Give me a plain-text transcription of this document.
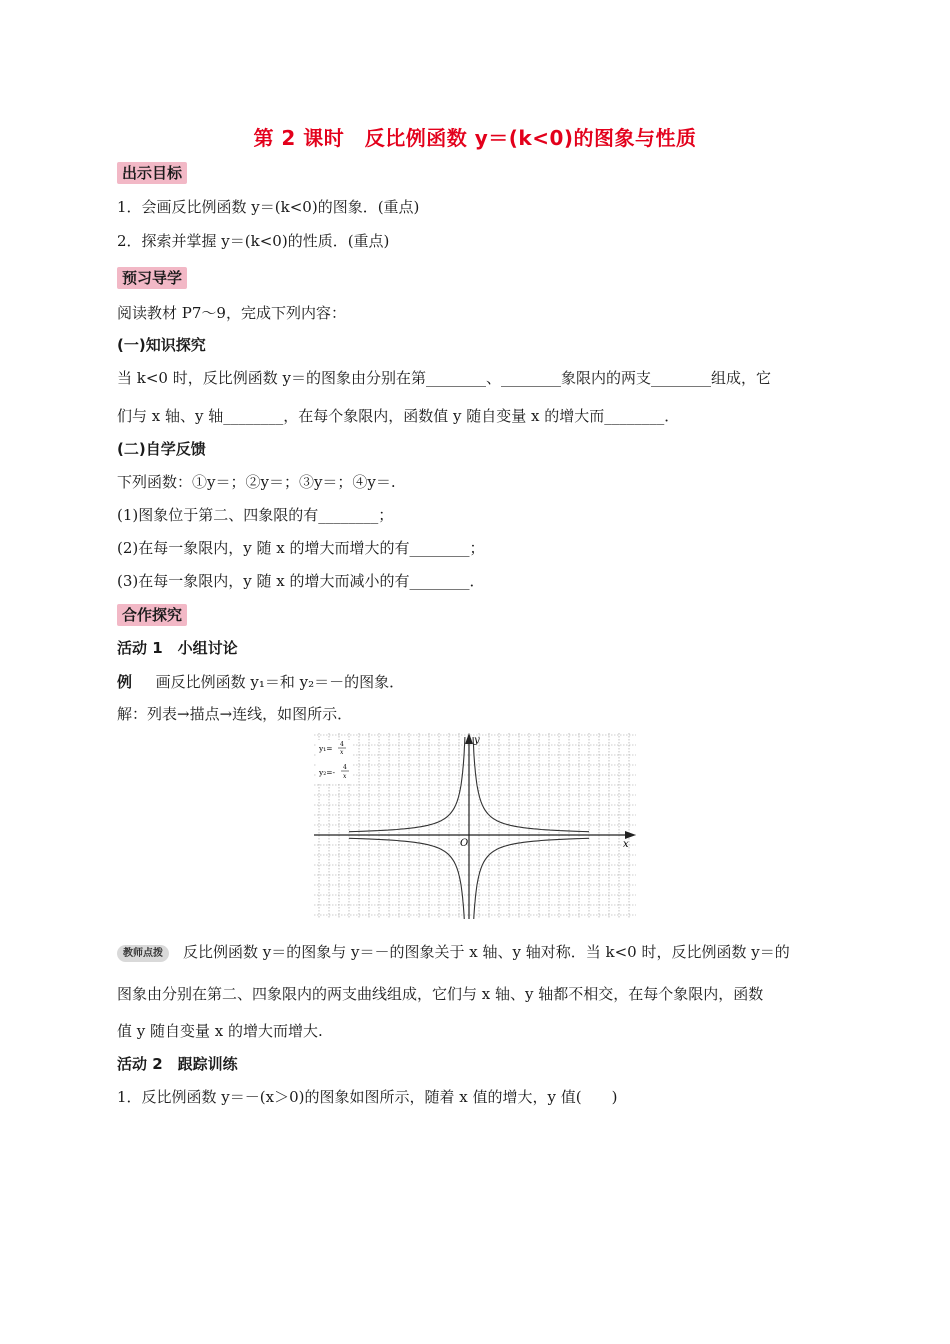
第 2 课时　反比例函数 y＝(k<0)的图象与性质
出示目标
1．会画反比例函数 y＝(k<0)的图象．(重点)
2．探索并掌握 y＝(k<0)的性质．(重点)
预习导学
阅读教材 P7～9，完成下列内容：
(一)知识探究
当 k<0 时，反比例函数 y＝的图象由分别在第________、________象限内的两支________组成，它
们与 x 轴、y 轴________，在每个象限内，函数值 y 随自变量 x 的增大而________．
(二)自学反馈
下列函数：①y＝；②y＝；③y＝；④y＝.
(1)图象位于第二、四象限的有________；
(2)在每一象限内，y 随 x 的增大而增大的有________；
(3)在每一象限内，y 随 x 的增大而减小的有________．
合作探究
活动 1　小组讨论
例 画反比例函数 y₁＝和 y₂＝－的图象．
解：列表→描点→连线，如图所示．
y
x
O
y₁= 4
x
y₂=-
4
x
教师点拨 反比例函数 y＝的图象与 y＝－的图象关于 x 轴、y 轴对称．当 k<0 时，反比例函数 y＝的
图象由分别在第二、四象限内的两支曲线组成，它们与 x 轴、y 轴都不相交，在每个象限内，函数
值 y 随自变量 x 的增大而增大.
活动 2　跟踪训练
1．反比例函数 y＝－(x＞0)的图象如图所示，随着 x 值的增大，y 值(　　)
